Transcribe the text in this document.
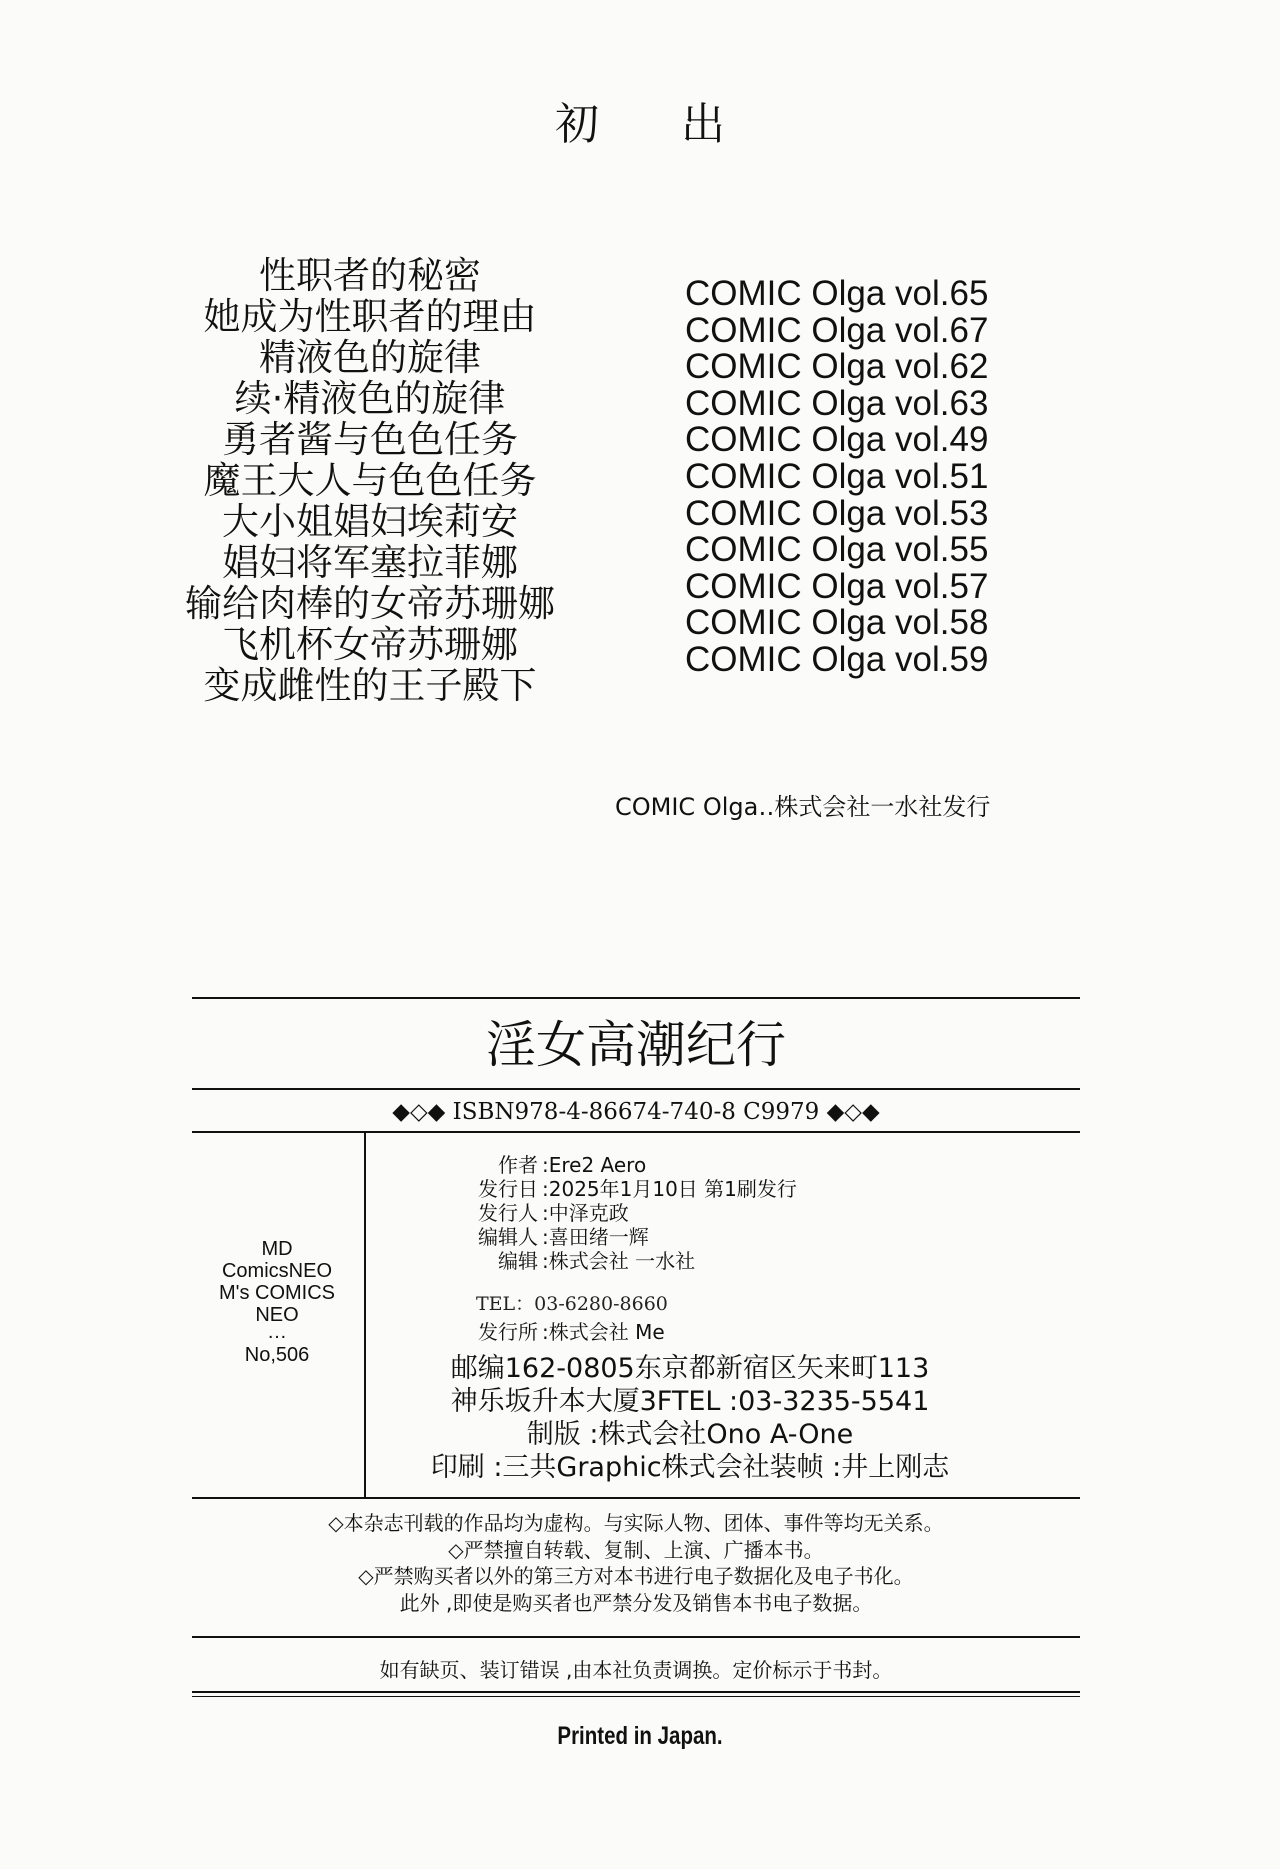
初 出
性职者的秘密
她成为性职者的理由
精液色的旋律
续·精液色的旋律
勇者酱与色色任务
魔王大人与色色任务
大小姐娼妇埃莉安
娼妇将军塞拉菲娜
输给肉棒的女帝苏珊娜
飞机杯女帝苏珊娜
变成雌性的王子殿下
COMIC Olga vol.65
COMIC Olga vol.67
COMIC Olga vol.62
COMIC Olga vol.63
COMIC Olga vol.49
COMIC Olga vol.51
COMIC Olga vol.53
COMIC Olga vol.55
COMIC Olga vol.57
COMIC Olga vol.58
COMIC Olga vol.59
COMIC Olga‥株式会社一水社发行
淫女高潮纪行
◆◇◆ ISBN978-4-86674-740-8 C9979 ◆◇◆
MD
ComicsNEO
M's COMICS
NEO
…
No,506
作者 :Ere2 Aero
发行日 :2025年1月10日 第1刷发行
发行人 :中泽克政
编辑人 :喜田绪一辉
编辑 :株式会社 一水社
TEL：03-6280-8660
发行所 :株式会社 Me
邮编162-0805东京都新宿区矢来町113
神乐坂升本大厦3FTEL :03-3235-5541
制版 :株式会社Ono A-One
印刷 :三共Graphic株式会社装帧 :井上刚志
◇本杂志刊载的作品均为虚构。与实际人物、团体、事件等均无关系。
◇严禁擅自转载、复制、上演、广播本书。
◇严禁购买者以外的第三方对本书进行电子数据化及电子书化。
此外 ,即使是购买者也严禁分发及销售本书电子数据。
如有缺页、装订错误 ,由本社负责调换。定价标示于书封。
Printed in Japan.
